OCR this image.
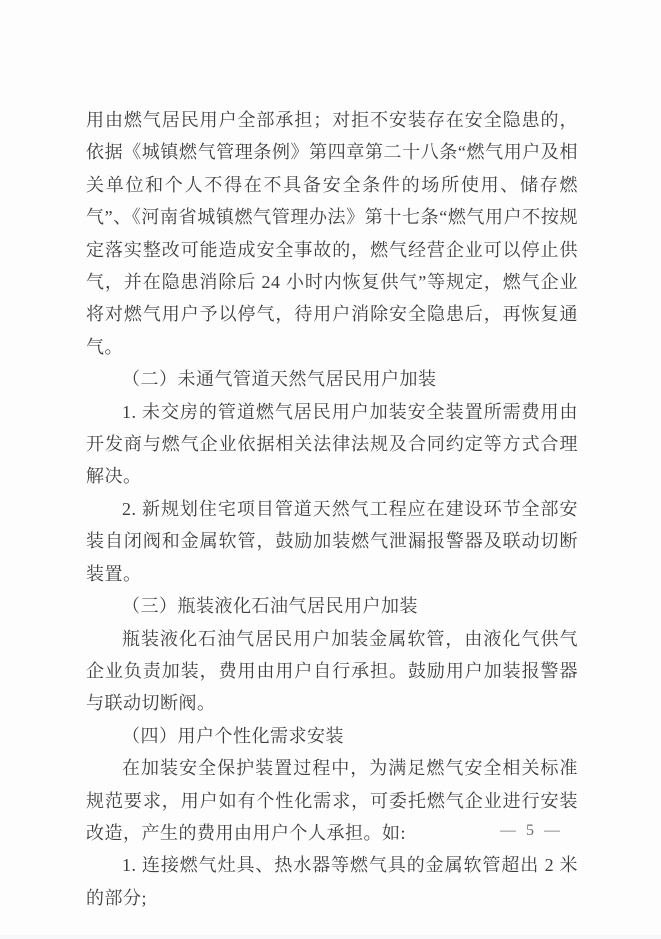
用由燃气居民用户全部承担；对拒不安装存在安全隐患的，依据《城镇燃气管理条例》第四章第二十八条“燃气用户及相关单位和个人不得在不具备安全条件的场所使用、储存燃气”、《河南省城镇燃气管理办法》第十七条“燃气用户不按规定落实整改可能造成安全事故的，燃气经营企业可以停止供气，并在隐患消除后 24 小时内恢复供气”等规定，燃气企业将对燃气用户予以停气，待用户消除安全隐患后，再恢复通气。

（二）未通气管道天然气居民用户加装

1. 未交房的管道燃气居民用户加装安全装置所需费用由开发商与燃气企业依据相关法律法规及合同约定等方式合理解决。

2. 新规划住宅项目管道天然气工程应在建设环节全部安装自闭阀和金属软管，鼓励加装燃气泄漏报警器及联动切断装置。

（三）瓶装液化石油气居民用户加装

瓶装液化石油气居民用户加装金属软管，由液化气供气企业负责加装，费用由用户自行承担。鼓励用户加装报警器与联动切断阀。

（四）用户个性化需求安装

在加装安全保护装置过程中，为满足燃气安全相关标准规范要求，用户如有个性化需求，可委托燃气企业进行安装改造，产生的费用由用户个人承担。如:

1. 连接燃气灶具、热水器等燃气具的金属软管超出 2 米的部分;

— 5 —
